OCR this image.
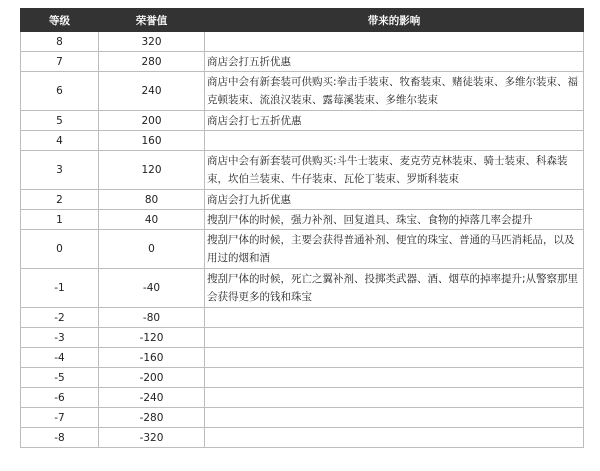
等级	荣誉值	带来的影响
8	320	
7	280	商店会打五折优惠
6	240	商店中会有新套装可供购买:拳击手装束、牧畜装束、赌徒装束、多维尔装束、福克顿装束、流浪汉装束、露莓溪装束、多维尔装束
5	200	商店会打七五折优惠
4	160	
3	120	商店中会有新套装可供购买:斗牛士装束、麦克劳克林装束、骑士装束、科森装束，坎伯兰装束、牛仔装束、瓦伦丁装束、罗斯科装束
2	80	商店会打九折优惠
1	40	搜刮尸体的时候，强力补剂、回复道具、珠宝、食物的掉落几率会提升
0	0	搜刮尸体的时候，主要会获得普通补剂、便宜的珠宝、普通的马匹消耗品，以及用过的烟和酒
-1	-40	搜刮尸体的时候，死亡之翼补剂、投掷类武器、酒、烟草的掉率提升;从警察那里会获得更多的钱和珠宝
-2	-80	
-3	-120	
-4	-160	
-5	-200	
-6	-240	
-7	-280	
-8	-320	
